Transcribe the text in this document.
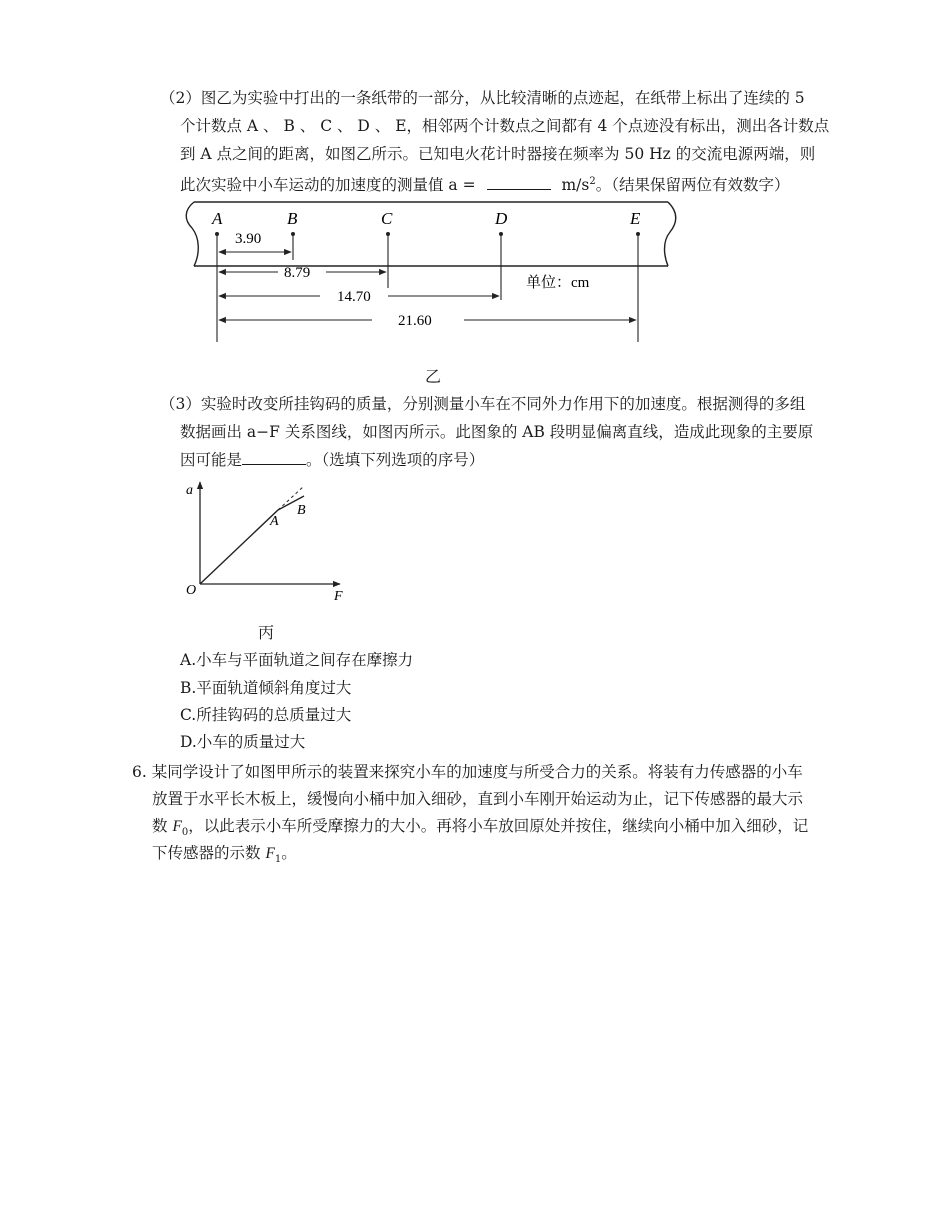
（2）图乙为实验中打出的一条纸带的一部分，从比较清晰的点迹起，在纸带上标出了连续的 5
个计数点 A 、 B 、 C 、 D 、 E，相邻两个计数点之间都有 4 个点迹没有标出，测出各计数点
到 A 点之间的距离，如图乙所示。已知电火花计时器接在频率为 50 Hz 的交流电源两端，则
此次实验中小车运动的加速度的测量值 a =	$m/s^2$。（结果保留两位有效数字）
A	B	C	D	E
3.90
8.79
14.70
21.60
单位：cm
乙
（3）实验时改变所挂钩码的质量，分别测量小车在不同外力作用下的加速度。根据测得的多组
数据画出 a−F 关系图线，如图丙所示。此图象的 AB 段明显偏离直线，造成此现象的主要原
因可能是	。（选填下列选项的序号）
a
F
O
A
B
丙
A.小车与平面轨道之间存在摩擦力
B.平面轨道倾斜角度过大
C.所挂钩码的总质量过大
D.小车的质量过大
6. 某同学设计了如图甲所示的装置来探究小车的加速度与所受合力的关系。将装有力传感器的小车
放置于水平长木板上，缓慢向小桶中加入细砂，直到小车刚开始运动为止，记下传感器的最大示
数 $F_0$，以此表示小车所受摩擦力的大小。再将小车放回原处并按住，继续向小桶中加入细砂，记
下传感器的示数 $F_1$。
